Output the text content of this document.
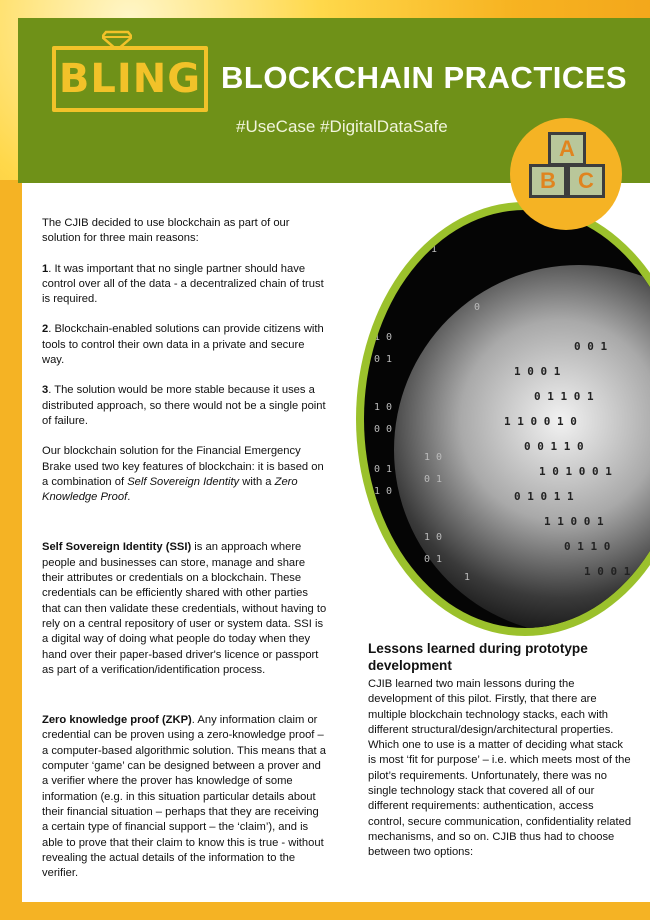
BLING BLOCKCHAIN PRACTICES
#UseCase #DigitalDataSafe
1 0 0 1
0 1 1 0 1
1 1 0 0 1 0
0 0 1 1 0
1 0 1 0 0 1
0 1 0 1 1
1 1 0 0 1
0 1 1 0
1 0 0 1
0 0 1
1 1
1 0
0 1
1 0
0 0
0 1
1 0
1 0
0 1
1 0
0 1
1
0
A
B	C

The CJIB decided to use blockchain as part of our solution for three main reasons:

1. It was important that no single partner should have control over all of the data - a decentralized chain of trust is required.

2. Blockchain-enabled solutions can provide citizens with tools to control their own data in a private and secure way.

3. The solution would be more stable because it uses a distributed approach, so there would not be a single point of failure.

Our blockchain solution for the Financial Emergency Brake used two key features of blockchain: it is based on a combination of Self Sovereign Identity with a Zero Knowledge Proof.

Self Sovereign Identity (SSI) is an approach where people and businesses can store, manage and share their attributes or credentials on a blockchain. These credentials can be efficiently shared with other parties that can then validate these credentials, without having to rely on a central repository of user or system data. SSI is a digital way of doing what people do today when they hand over their paper-based driver's licence or passport as part of a verification/identification process.

Zero knowledge proof (ZKP). Any information claim or credential can be proven using a zero-knowledge proof – a computer-based algorithmic solution. This means that a computer ‘game’ can be designed between a prover and a verifier where the prover has knowledge of some information (e.g. in this situation particular details about their financial situation – perhaps that they are receiving a certain type of financial support – the ‘claim’), and is able to prove that their claim to know this is true - without revealing the actual details of the information to the verifier.

Lessons learned during prototype development

CJIB learned two main lessons during the development of this pilot. Firstly, that there are multiple blockchain technology stacks, each with different structural/design/architectural properties. Which one to use is a matter of deciding what stack is most ‘fit for purpose’ – i.e. which meets most of the pilot’s requirements. Unfortunately, there was no single technology stack that covered all of our different requirements: authentication, access control, secure communication, confidentiality related mechanisms, and so on. CJIB thus had to choose between two options:
